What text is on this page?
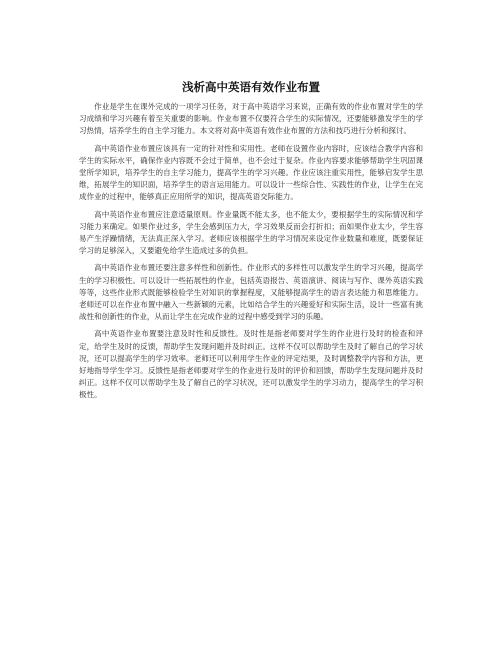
浅析高中英语有效作业布置

作业是学生在课外完成的一项学习任务，对于高中英语学习来说，正确有效的作业布置对学生的学习成绩和学习兴趣有着至关重要的影响。作业布置不仅要符合学生的实际情况，还要能够激发学生的学习热情，培养学生的自主学习能力。本文将对高中英语有效作业布置的方法和技巧进行分析和探讨。

高中英语作业布置应该具有一定的针对性和实用性。老师在设置作业内容时，应该结合教学内容和学生的实际水平，确保作业内容既不会过于简单，也不会过于复杂。作业内容要求能够帮助学生巩固课堂所学知识，培养学生的自主学习能力，提高学生的学习兴趣。作业应该注重实用性，能够启发学生思维，拓展学生的知识面，培养学生的语言运用能力。可以设计一些综合性、实践性的作业，让学生在完成作业的过程中，能够真正应用所学的知识，提高英语交际能力。

高中英语作业布置应注意适量原则。作业量既不能太多，也不能太少，要根据学生的实际情况和学习能力来确定。如果作业过多，学生会感到压力大，学习效果反而会打折扣；而如果作业太少，学生容易产生浮躁情绪，无法真正深入学习。老师应该根据学生的学习情况来设定作业数量和难度，既要保证学习的足够深入，又要避免给学生造成过多的负担。

高中英语作业布置还要注意多样性和创新性。作业形式的多样性可以激发学生的学习兴趣，提高学生的学习积极性。可以设计一些拓展性的作业，包括英语报告、英语演讲、阅读与写作、课外英语实践等等，这些作业形式既能够检验学生对知识的掌握程度，又能够提高学生的语言表达能力和思维能力。老师还可以在作业布置中融入一些新颖的元素，比如结合学生的兴趣爱好和实际生活，设计一些富有挑战性和创新性的作业，从而让学生在完成作业的过程中感受到学习的乐趣。

高中英语作业布置要注意及时性和反馈性。及时性是指老师要对学生的作业进行及时的检查和评定，给学生及时的反馈，帮助学生发现问题并及时纠正。这样不仅可以帮助学生及时了解自己的学习状况，还可以提高学生的学习效率。老师还可以利用学生作业的评定结果，及时调整教学内容和方法，更好地指导学生学习。反馈性是指老师要对学生的作业进行及时的评价和回馈，帮助学生发现问题并及时纠正。这样不仅可以帮助学生及了解自己的学习状况，还可以激发学生的学习动力，提高学生的学习积极性。
